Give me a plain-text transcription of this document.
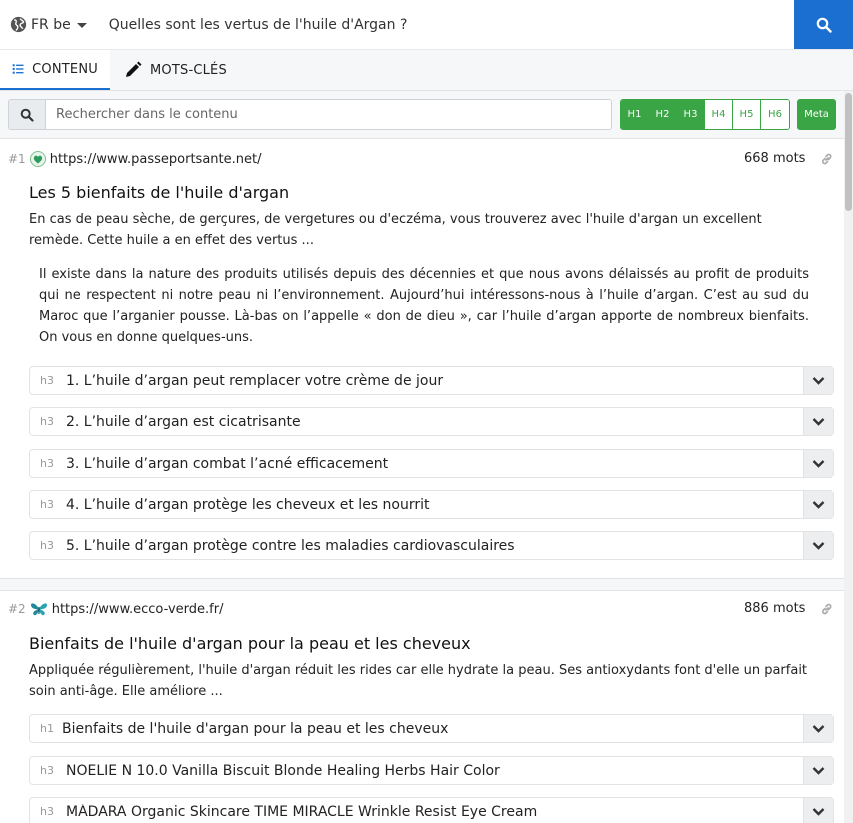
FR be
Quelles sont les vertus de l'huile d'Argan ?
CONTENU	MOTS-CLÉS
Rechercher dans le contenu
H1	H2	H3	H4	H5	H6	Meta
#1 https://www.passeportsante.net/	668 mots
Les 5 bienfaits de l'huile d'argan
En cas de peau sèche, de gerçures, de vergetures ou d'eczéma, vous trouverez avec l'huile d'argan un excellent remède. Cette huile a en effet des vertus ...
Il existe dans la nature des produits utilisés depuis des décennies et que nous avons délaissés au profit de produits qui ne respectent ni notre peau ni l’environnement. Aujourd’hui intéressons-nous à l’huile d’argan. C’est au sud du Maroc que l’arganier pousse. Là-bas on l’appelle « don de dieu », car l’huile d’argan apporte de nombreux bienfaits. On vous en donne quelques-uns.
h3 1. L’huile d’argan peut remplacer votre crème de jour
h3 2. L’huile d’argan est cicatrisante
h3 3. L’huile d’argan combat l’acné efficacement
h3 4. L’huile d’argan protège les cheveux et les nourrit
h3 5. L’huile d’argan protège contre les maladies cardiovasculaires
#2 https://www.ecco-verde.fr/	886 mots
Bienfaits de l'huile d'argan pour la peau et les cheveux
Appliquée régulièrement, l'huile d'argan réduit les rides car elle hydrate la peau. Ses antioxydants font d'elle un parfait soin anti-âge. Elle améliore ...
h1 Bienfaits de l'huile d'argan pour la peau et les cheveux
h3 NOELIE N 10.0 Vanilla Biscuit Blonde Healing Herbs Hair Color
h3 MÁDARA Organic Skincare TIME MIRACLE Wrinkle Resist Eye Cream
